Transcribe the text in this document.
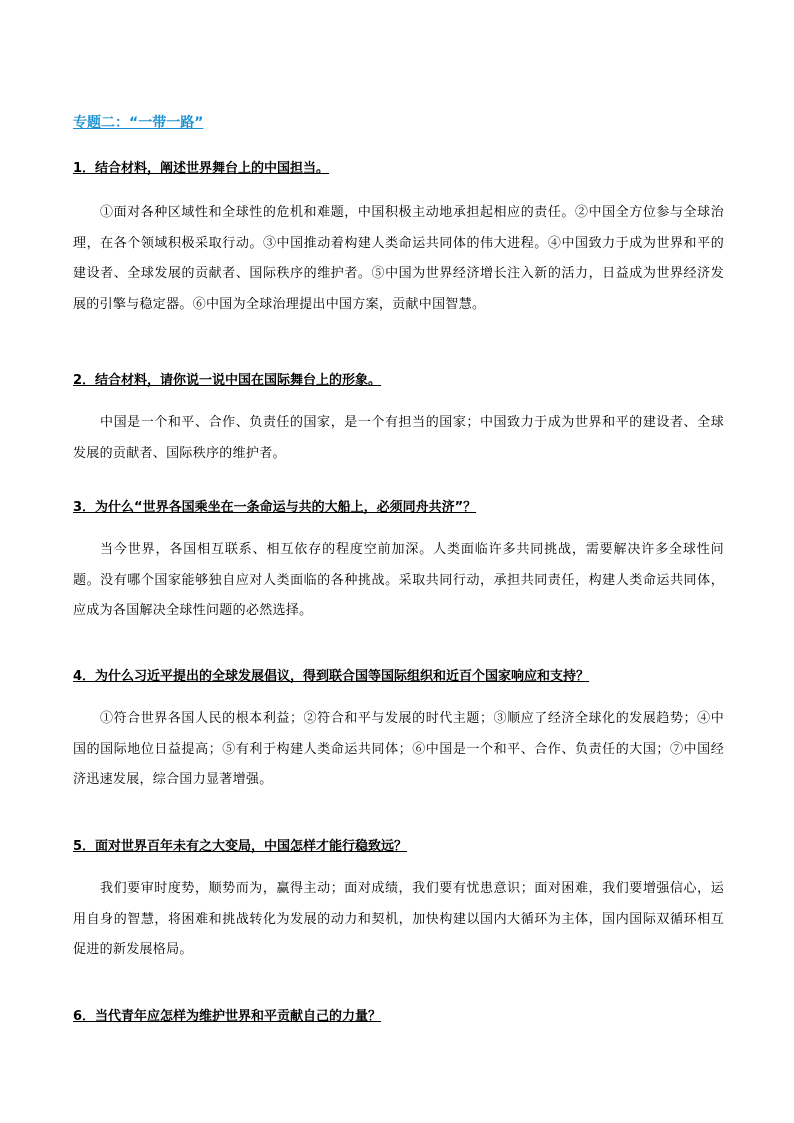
专题二：“一带一路”
1．结合材料，阐述世界舞台上的中国担当。
①面对各种区域性和全球性的危机和难题，中国积极主动地承担起相应的责任。②中国全方位参与全球治理，在各个领域积极采取行动。③中国推动着构建人类命运共同体的伟大进程。④中国致力于成为世界和平的建设者、全球发展的贡献者、国际秩序的维护者。⑤中国为世界经济增长注入新的活力，日益成为世界经济发展的引擎与稳定器。⑥中国为全球治理提出中国方案，贡献中国智慧。
2．结合材料，请你说一说中国在国际舞台上的形象。
中国是一个和平、合作、负责任的国家，是一个有担当的国家；中国致力于成为世界和平的建设者、全球发展的贡献者、国际秩序的维护者。
3．为什么“世界各国乘坐在一条命运与共的大船上，必须同舟共济”？
当今世界，各国相互联系、相互依存的程度空前加深。人类面临许多共同挑战，需要解决许多全球性问题。没有哪个国家能够独自应对人类面临的各种挑战。采取共同行动，承担共同责任，构建人类命运共同体，应成为各国解决全球性问题的必然选择。
4．为什么习近平提出的全球发展倡议，得到联合国等国际组织和近百个国家响应和支持？
①符合世界各国人民的根本利益；②符合和平与发展的时代主题；③顺应了经济全球化的发展趋势；④中国的国际地位日益提高；⑤有利于构建人类命运共同体；⑥中国是一个和平、合作、负责任的大国；⑦中国经济迅速发展，综合国力显著增强。
5．面对世界百年未有之大变局，中国怎样才能行稳致远？
我们要审时度势，顺势而为，赢得主动；面对成绩，我们要有忧患意识；面对困难，我们要增强信心，运用自身的智慧，将困难和挑战转化为发展的动力和契机，加快构建以国内大循环为主体，国内国际双循环相互促进的新发展格局。
6．当代青年应怎样为维护世界和平贡献自己的力量？
